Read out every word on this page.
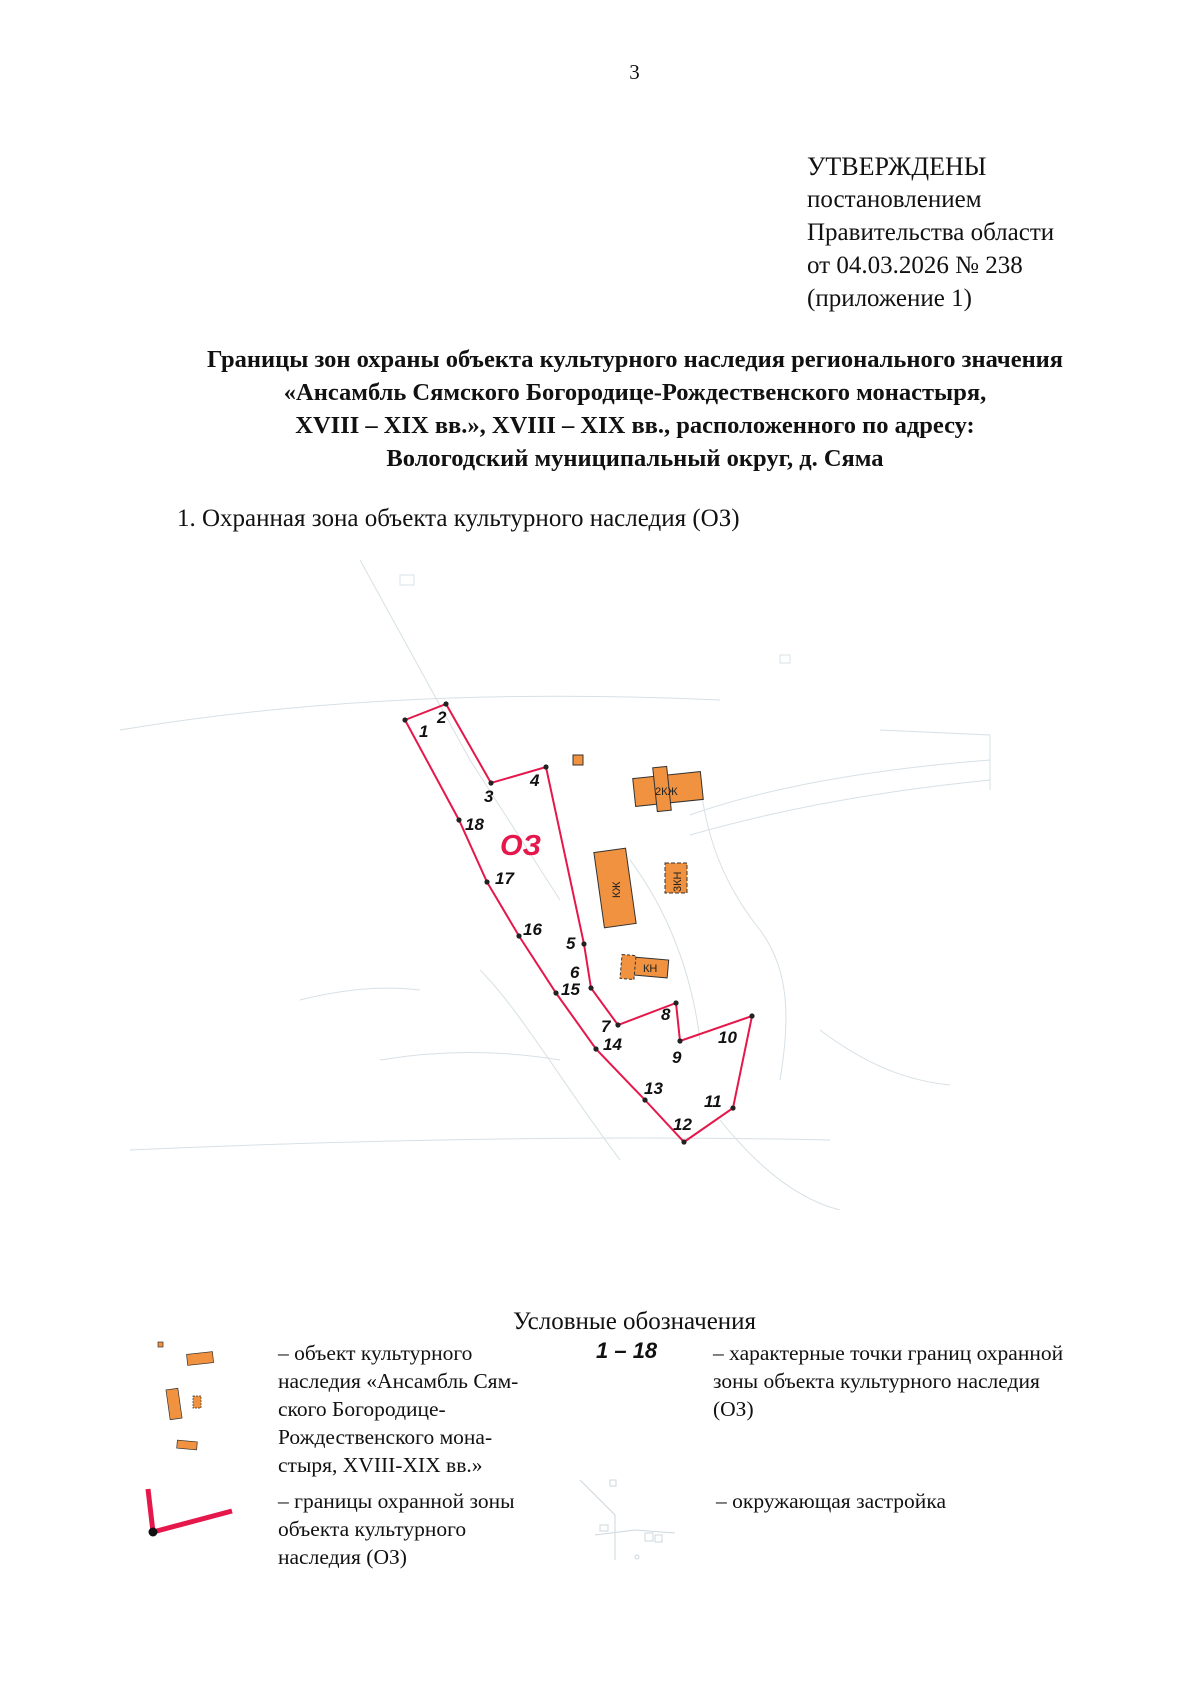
3
УТВЕРЖДЕНЫ
постановлением
Правительства области
от 04.03.2026 № 238
(приложение 1)
Границы зон охраны объекта культурного наследия регионального значения
«Ансамбль Сямского Богородице-Рождественского монастыря,
XVIII – XIX вв.», XVIII – XIX вв., расположенного по адресу:
Вологодский муниципальный округ, д. Сяма
1. Охранная зона объекта культурного наследия (ОЗ)
2КЖ
КЖ	3КН
КН
ОЗ
1
2
3
4
5
6
7
8
9
10
11
12
13
14
15
16
17
18
Условные обозначения
– объект культурного
наследия «Ансамбль Сям-
ского Богородице-
Рождественского мона-
стыря, XVIII-XIX вв.»
1 – 18	– характерные точки границ охранной
зоны объекта культурного наследия
(ОЗ)
– границы охранной зоны
объекта культурного
наследия (ОЗ)
– окружающая застройка
